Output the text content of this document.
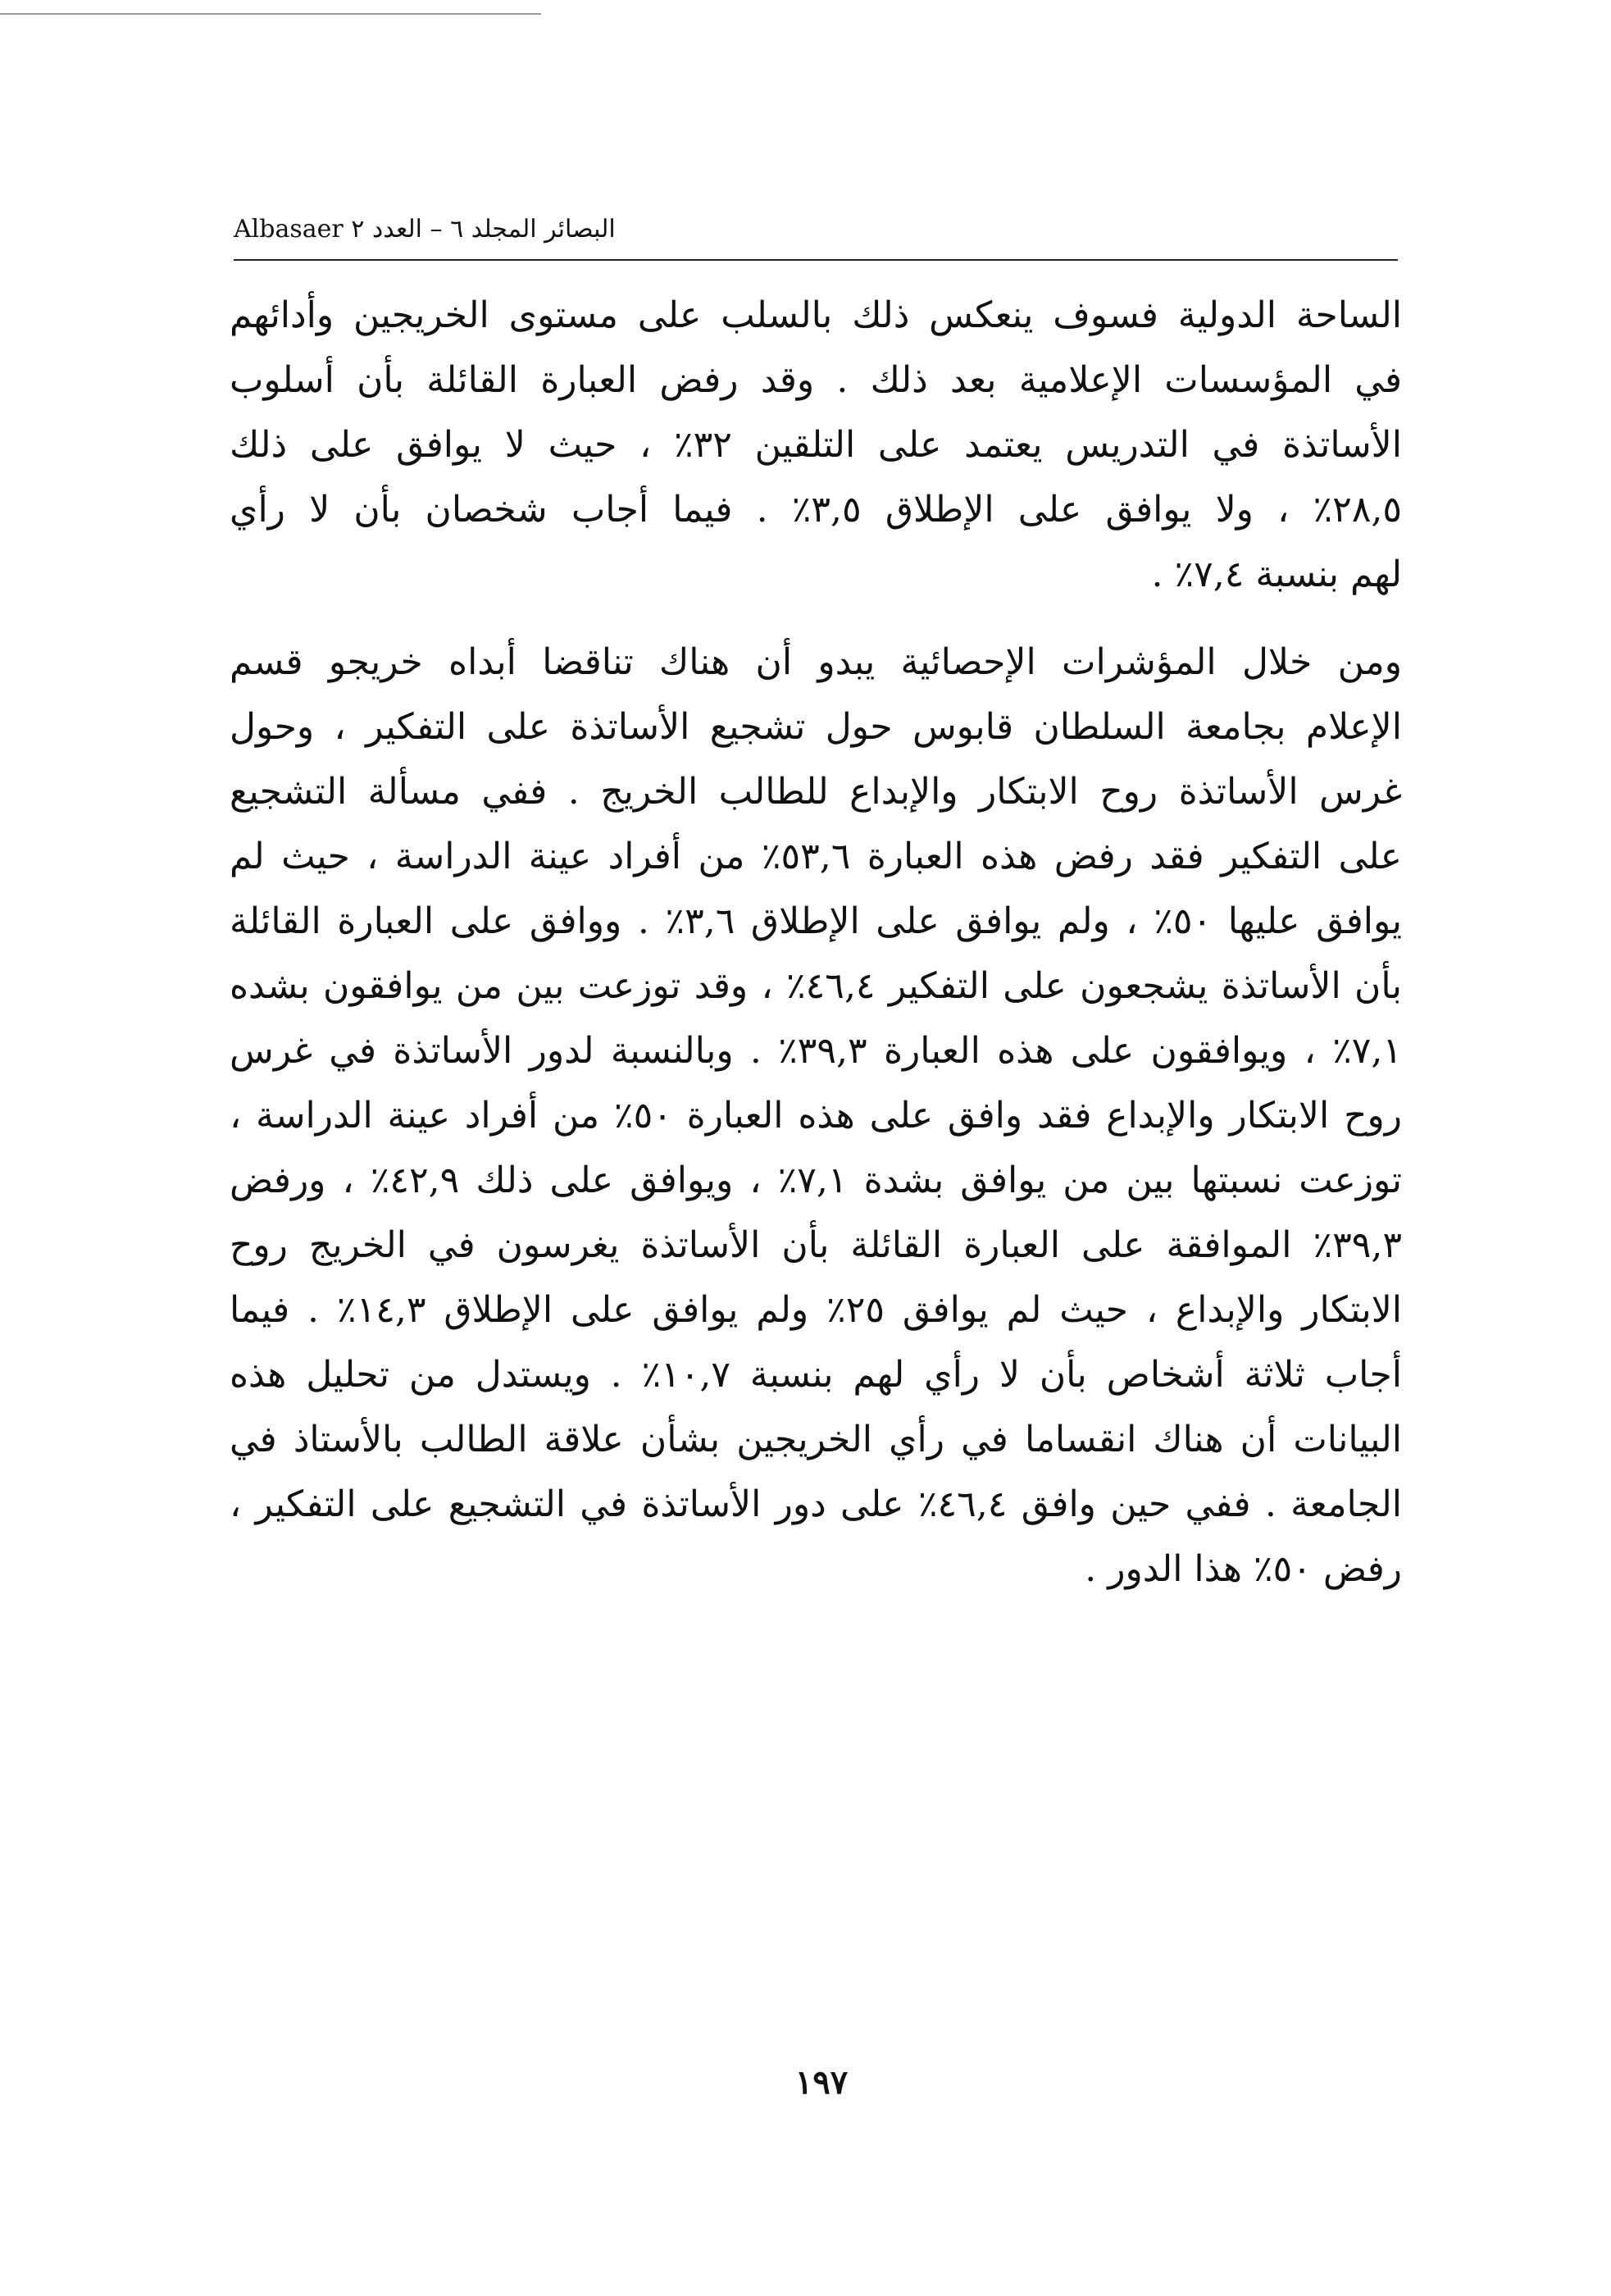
Albasaer البصائر المجلد ٦ – العدد ٢
الساحة الدولية فسوف ينعكس ذلك بالسلب على مستوى الخريجين وأدائهم
في المؤسسات الإعلامية بعد ذلك . وقد رفض العبارة القائلة بأن أسلوب
الأساتذة في التدريس يعتمد على التلقين ٣٢٪ ، حيث لا يوافق على ذلك
٢٨,٥٪ ، ولا يوافق على الإطلاق ٣,٥٪ . فيما أجاب شخصان بأن لا رأي
لهم بنسبة ٧,٤٪ .
ومن خلال المؤشرات الإحصائية يبدو أن هناك تناقضا أبداه خريجو قسم
الإعلام بجامعة السلطان قابوس حول تشجيع الأساتذة على التفكير ، وحول
غرس الأساتذة روح الابتكار والإبداع للطالب الخريج . ففي مسألة التشجيع
على التفكير فقد رفض هذه العبارة ٥٣,٦٪ من أفراد عينة الدراسة ، حيث لم
يوافق عليها ٥٠٪ ، ولم يوافق على الإطلاق ٣,٦٪ . ووافق على العبارة القائلة
بأن الأساتذة يشجعون على التفكير ٤٦,٤٪ ، وقد توزعت بين من يوافقون بشده
٧,١٪ ، ويوافقون على هذه العبارة ٣٩,٣٪ . وبالنسبة لدور الأساتذة في غرس
روح الابتكار والإبداع فقد وافق على هذه العبارة ٥٠٪ من أفراد عينة الدراسة ،
توزعت نسبتها بين من يوافق بشدة ٧,١٪ ، ويوافق على ذلك ٤٢,٩٪ ، ورفض
٣٩,٣٪ الموافقة على العبارة القائلة بأن الأساتذة يغرسون في الخريج روح
الابتكار والإبداع ، حيث لم يوافق ٢٥٪ ولم يوافق على الإطلاق ١٤,٣٪ . فيما
أجاب ثلاثة أشخاص بأن لا رأي لهم بنسبة ١٠,٧٪ . ويستدل من تحليل هذه
البيانات أن هناك انقساما في رأي الخريجين بشأن علاقة الطالب بالأستاذ في
الجامعة . ففي حين وافق ٤٦,٤٪ على دور الأساتذة في التشجيع على التفكير ،
رفض ٥٠٪ هذا الدور .
١٩٧
